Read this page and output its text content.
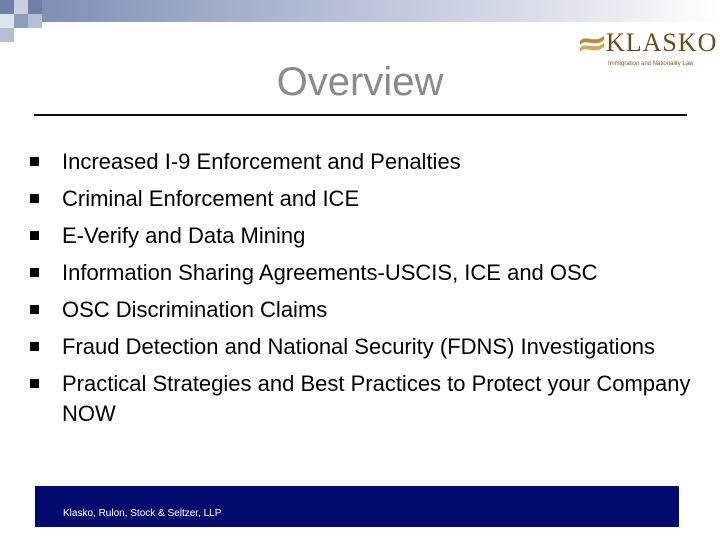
KLASKO
Immigration and Nationality Law
Overview
Increased I-9 Enforcement and Penalties
Criminal Enforcement and ICE
E-Verify and Data Mining
Information Sharing Agreements-USCIS, ICE and OSC
OSC Discrimination Claims
Fraud Detection and National Security (FDNS) Investigations
Practical Strategies and Best Practices to Protect your Company NOW
Klasko, Rulon, Stock & Seltzer, LLP
